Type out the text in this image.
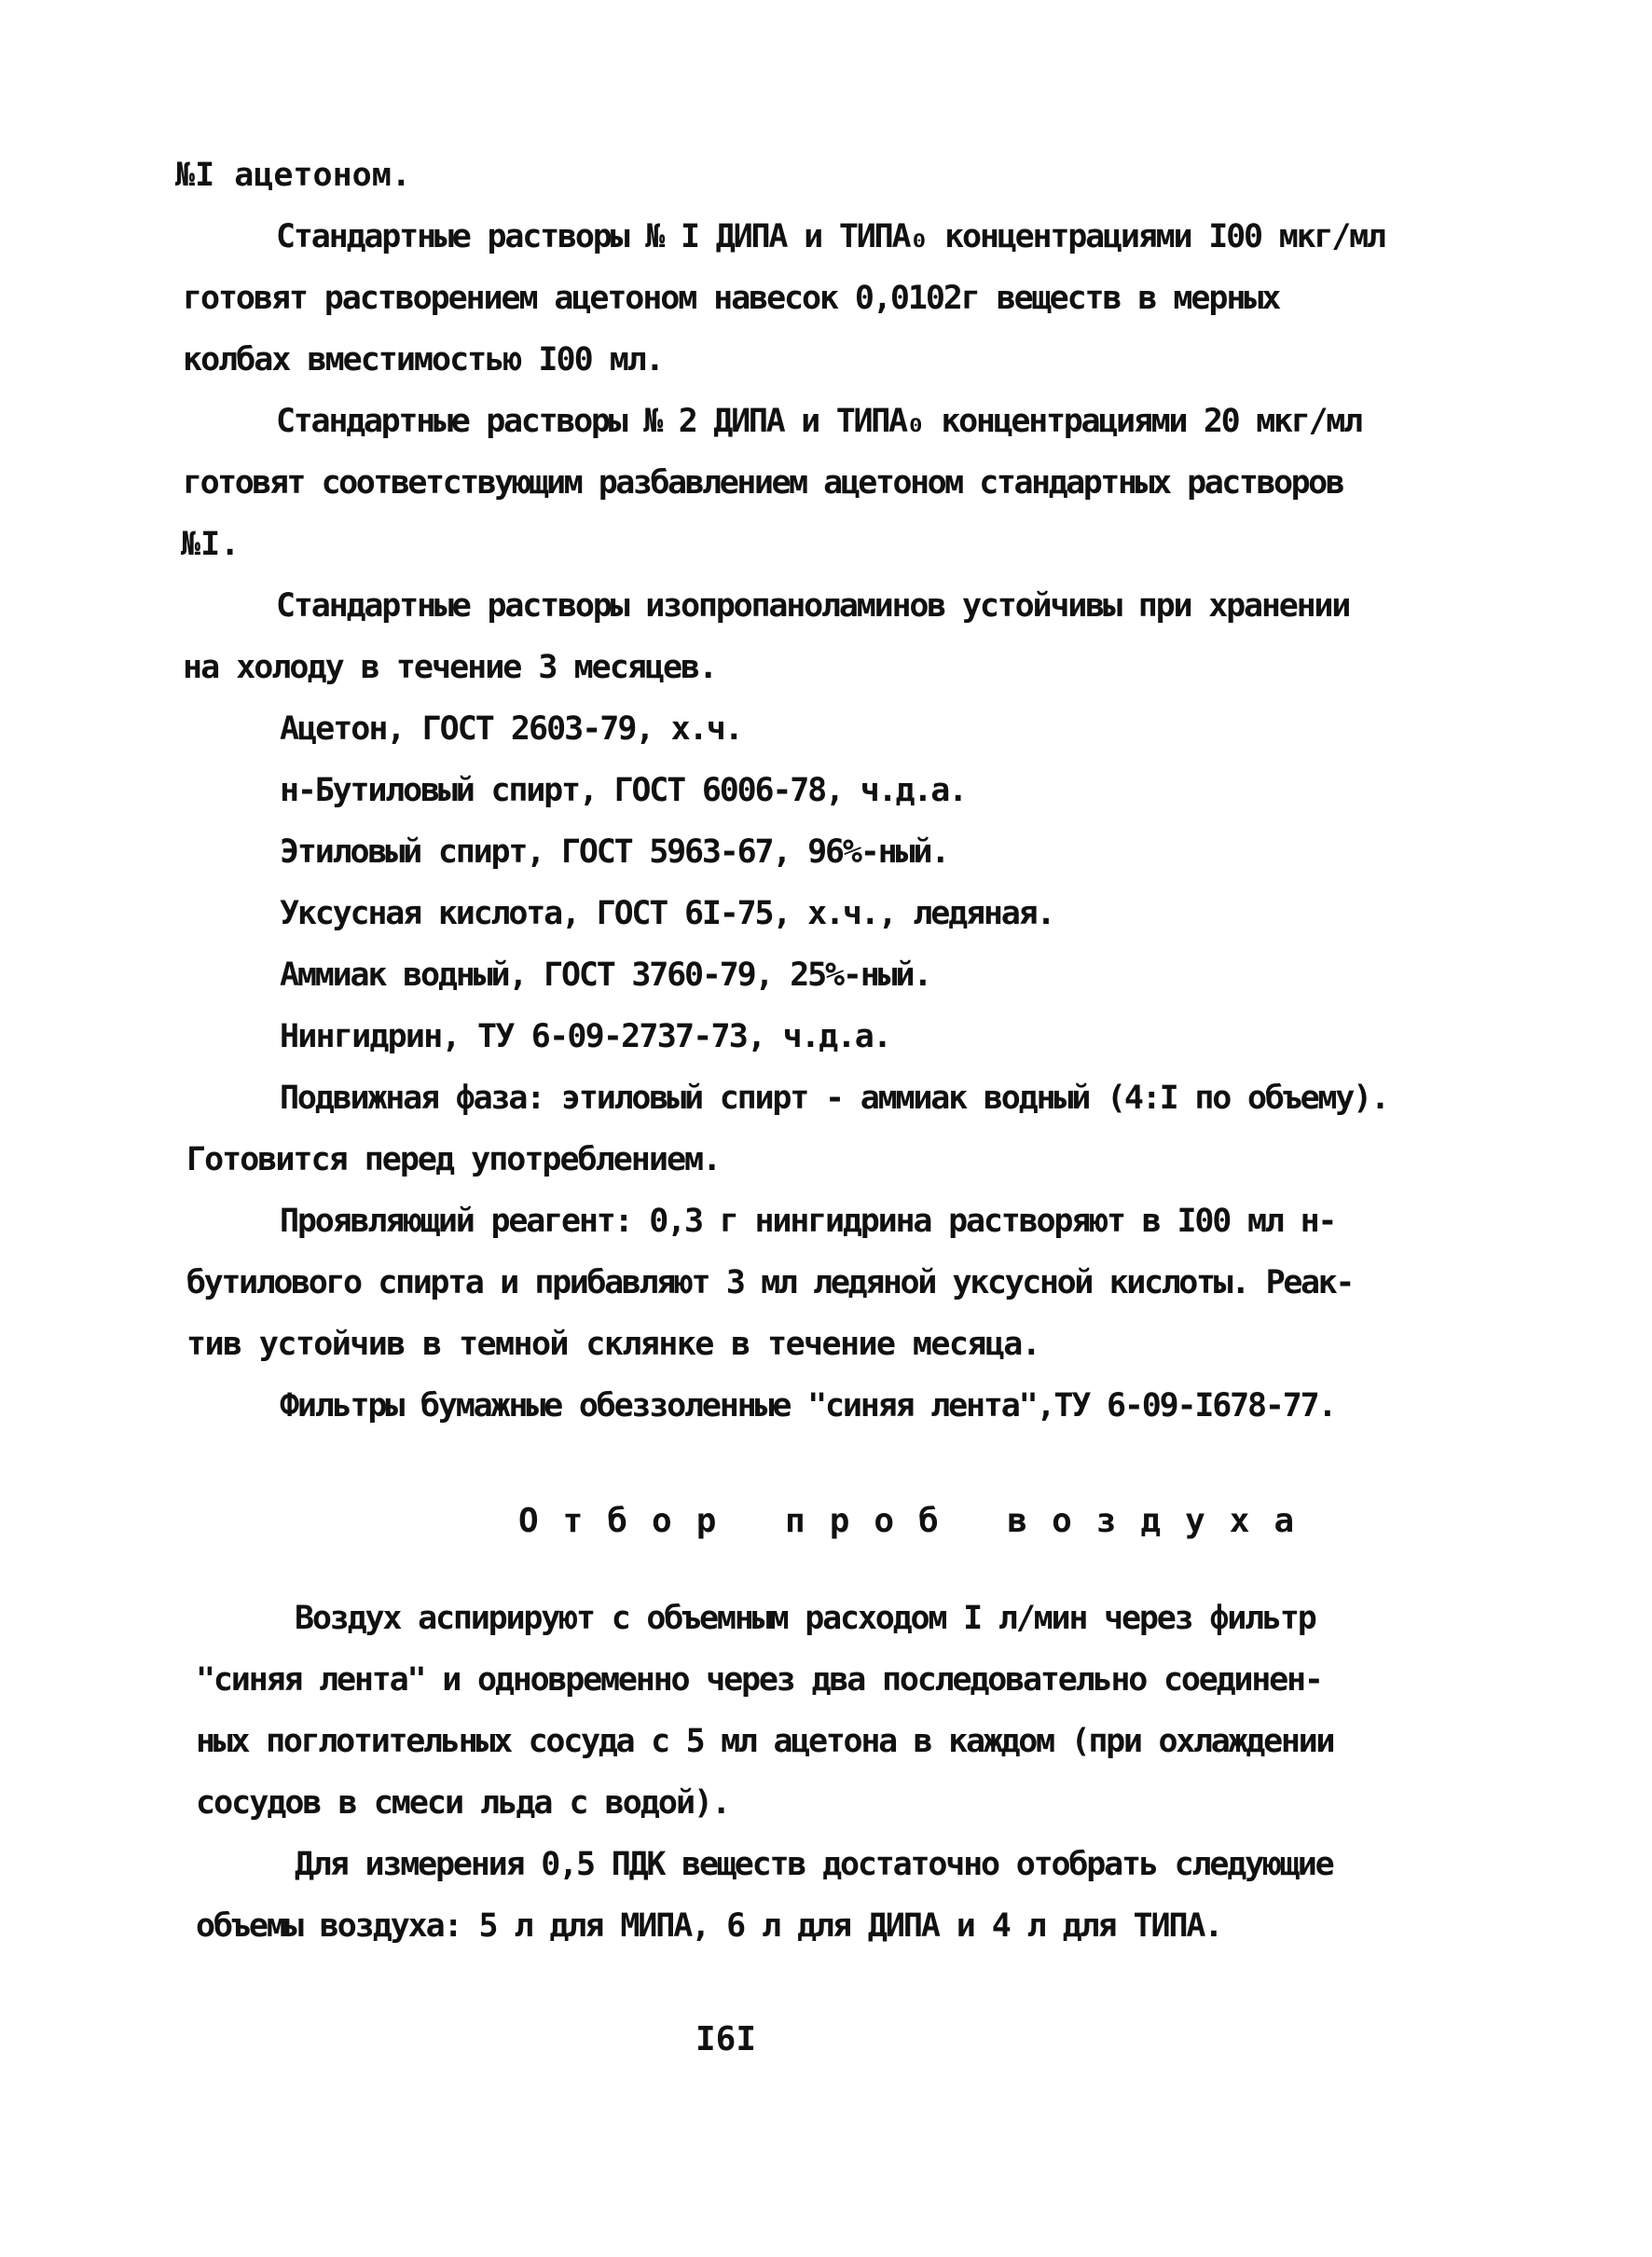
№I ацетоном.
Стандартные растворы № I ДИПА и ТИПА₀ концентрациями I00 мкг/мл
готовят растворением ацетоном навесок 0,0102г веществ в мерных
колбах вместимостью I00 мл.
Стандартные растворы № 2 ДИПА и ТИПА₀ концентрациями 20 мкг/мл
готовят соответствующим разбавлением ацетоном стандартных растворов
№I.
Стандартные растворы изопропаноламинов устойчивы при хранении
на холоду в течение 3 месяцев.
Ацетон, ГОСТ 2603-79, х.ч.
н-Бутиловый спирт, ГОСТ 6006-78, ч.д.а.
Этиловый спирт, ГОСТ 5963-67, 96%-ный.
Уксусная кислота, ГОСТ 6I-75, х.ч., ледяная.
Аммиак водный, ГОСТ 3760-79, 25%-ный.
Нингидрин, ТУ 6-09-2737-73, ч.д.а.
Подвижная фаза: этиловый спирт - аммиак водный (4:I по объему).
Готовится перед употреблением.
Проявляющий реагент: 0,3 г нингидрина растворяют в I00 мл н-
бутилового спирта и прибавляют 3 мл ледяной уксусной кислоты. Реак-
тив устойчив в темной склянке в течение месяца.
Фильтры бумажные обеззоленные "синяя лента",ТУ 6-09-I678-77.
Отбор проб воздуха
Воздух аспирируют с объемным расходом I л/мин через фильтр
"синяя лента" и одновременно через два последовательно соединен-
ных поглотительных сосуда с 5 мл ацетона в каждом (при охлаждении
сосудов в смеси льда с водой).
Для измерения 0,5 ПДК веществ достаточно отобрать следующие
объемы воздуха: 5 л для МИПА, 6 л для ДИПА и 4 л для ТИПА.
I6I
